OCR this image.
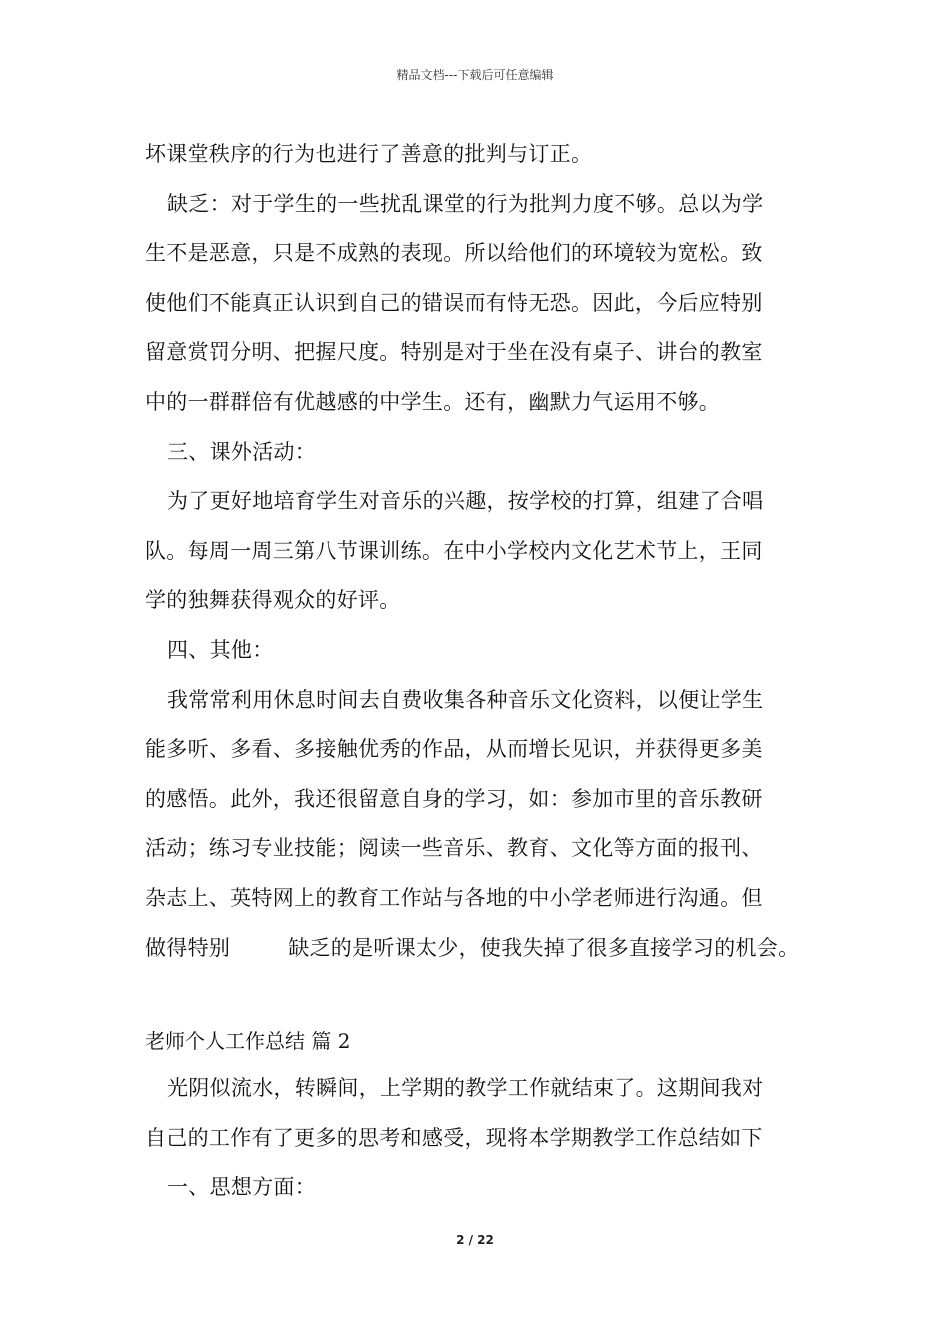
精品文档---下载后可任意编辑
坏课堂秩序的行为也进行了善意的批判与订正。
缺乏：对于学生的一些扰乱课堂的行为批判力度不够。总以为学
生不是恶意，只是不成熟的表现。所以给他们的环境较为宽松。致
使他们不能真正认识到自己的错误而有恃无恐。因此，今后应特别
留意赏罚分明、把握尺度。特别是对于坐在没有桌子、讲台的教室
中的一群群倍有优越感的中学生。还有，幽默力气运用不够。
三、课外活动：
为了更好地培育学生对音乐的兴趣，按学校的打算，组建了合唱
队。每周一周三第八节课训练。在中小学校内文化艺术节上，王同
学的独舞获得观众的好评。
四、其他：
我常常利用休息时间去自费收集各种音乐文化资料，以便让学生
能多听、多看、多接触优秀的作品，从而增长见识，并获得更多美
的感悟。此外，我还很留意自身的学习，如：参加市里的音乐教研
活动；练习专业技能；阅读一些音乐、教育、文化等方面的报刊、
杂志上、英特网上的教育工作站与各地的中小学老师进行沟通。但
做得特别	缺乏的是听课太少，使我失掉了很多直接学习的机会。
老师个人工作总结 篇 2
光阴似流水，转瞬间，上学期的教学工作就结束了。这期间我对
自己的工作有了更多的思考和感受，现将本学期教学工作总结如下
一、思想方面：
2 / 22
